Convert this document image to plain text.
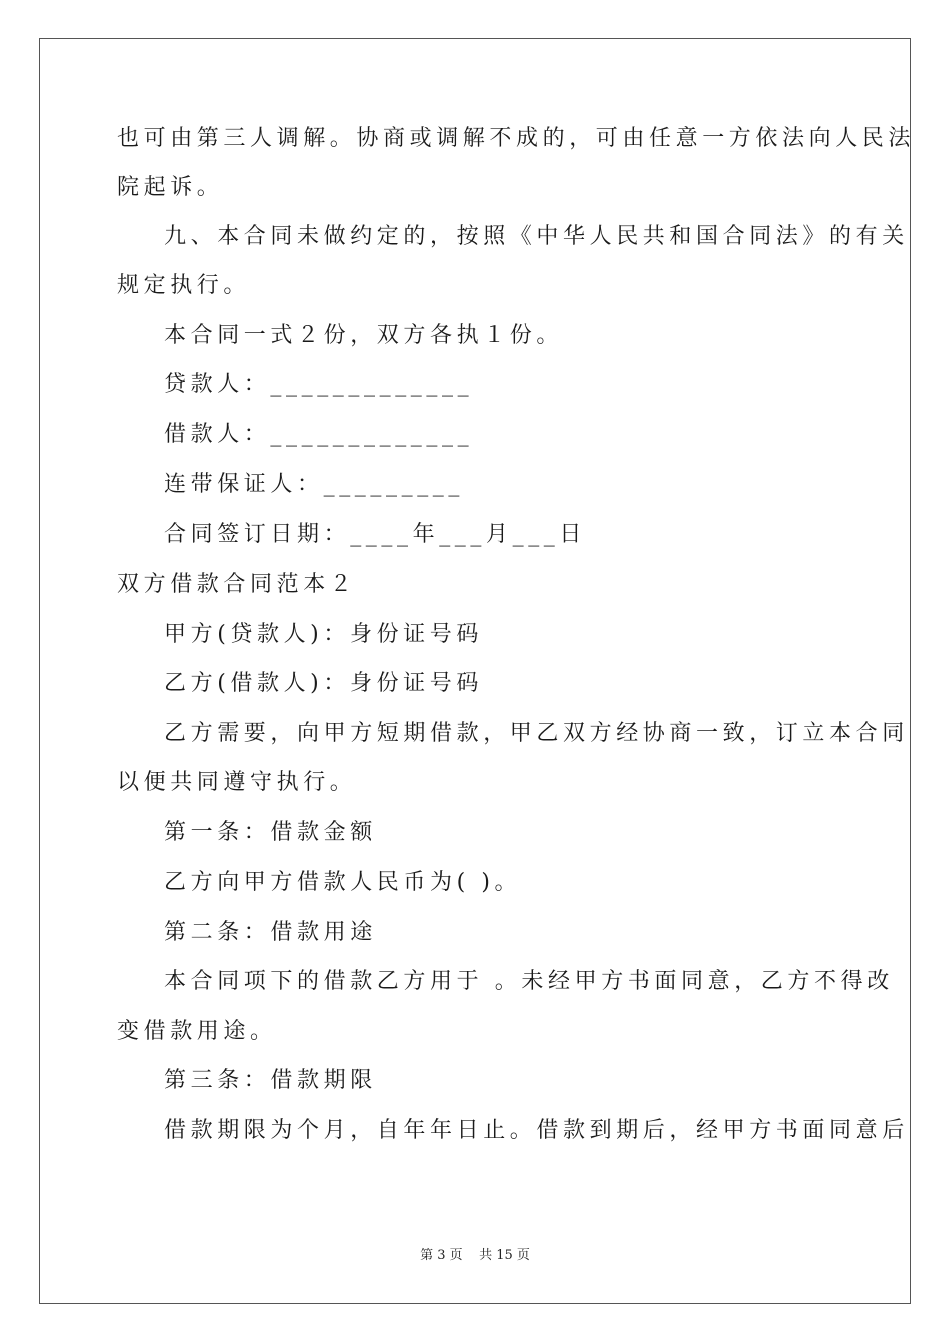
也可由第三人调解。协商或调解不成的，可由任意一方依法向人民法
院起诉。
九、本合同未做约定的，按照《中华人民共和国合同法》的有关
规定执行。
本合同一式２份，双方各执１份。
贷款人：_____________
借款人：_____________
连带保证人：_________
合同签订日期：____年___月___日
双方借款合同范本２
甲方(贷款人)：身份证号码
乙方(借款人)：身份证号码
乙方需要，向甲方短期借款，甲乙双方经协商一致，订立本合同
以便共同遵守执行。
第一条：借款金额
乙方向甲方借款人民币为( )。
第二条：借款用途
本合同项下的借款乙方用于 。未经甲方书面同意，乙方不得改
变借款用途。
第三条：借款期限
借款期限为个月，自年年日止。借款到期后，经甲方书面同意后
第 3 页    共 15 页
